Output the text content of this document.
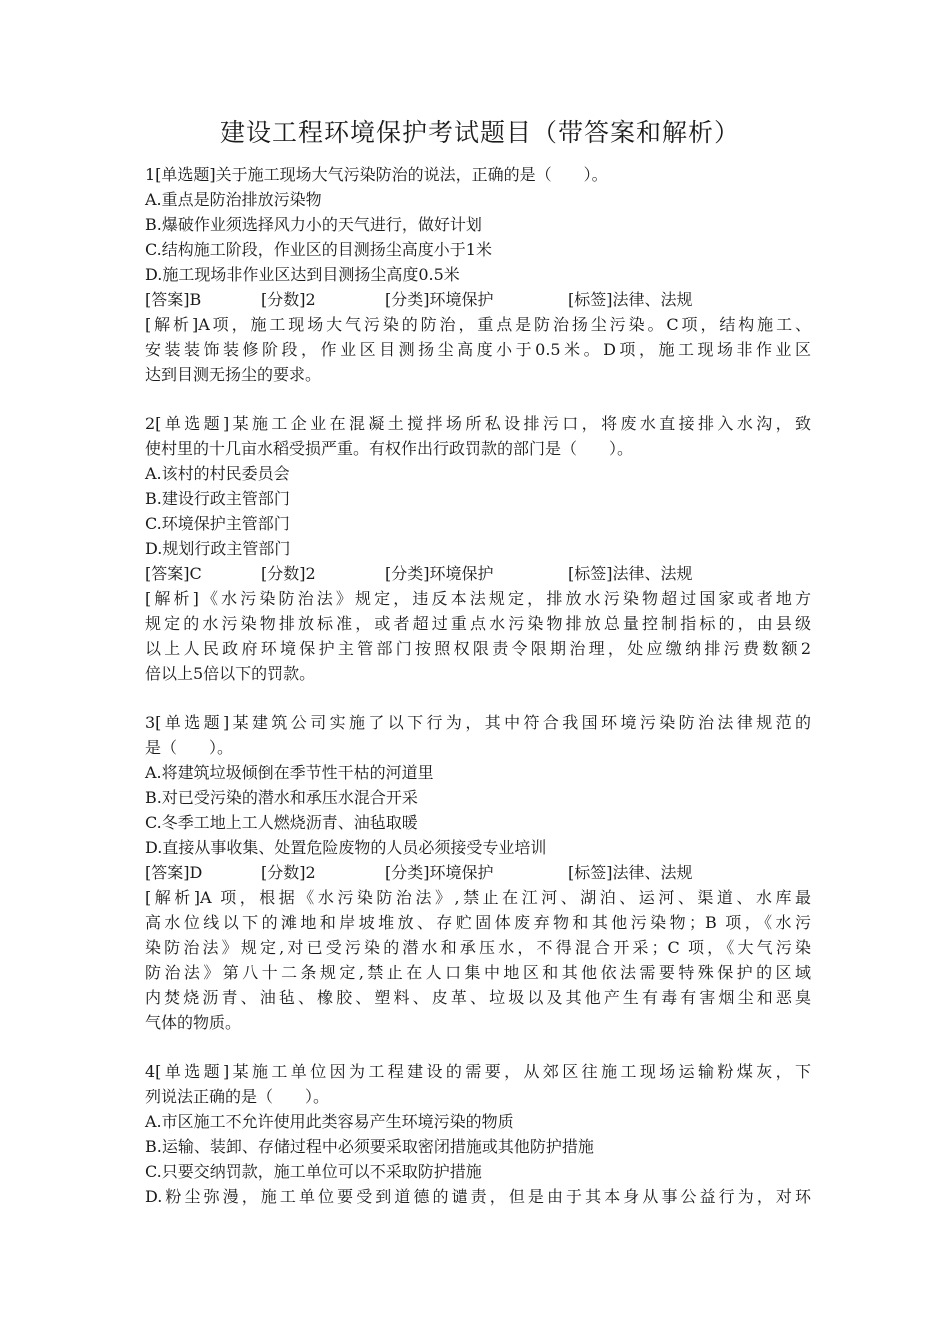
建设工程环境保护考试题目（带答案和解析）
1[单选题]关于施工现场大气污染防治的说法，正确的是（　　）。
A.重点是防治排放污染物
B.爆破作业须选择风力小的天气进行，做好计划
C.结构施工阶段，作业区的目测扬尘高度小于1米
D.施工现场非作业区达到目测扬尘高度0.5米
[答案]B	[分数]2	[分类]环境保护	[标签]法律、法规
[解析]A项，施工现场大气污染的防治，重点是防治扬尘污染。C项，结构施工、
安装装饰装修阶段，作业区目测扬尘高度小于0.5米。D项，施工现场非作业区
达到目测无扬尘的要求。
2[单选题]某施工企业在混凝土搅拌场所私设排污口，将废水直接排入水沟，致
使村里的十几亩水稻受损严重。有权作出行政罚款的部门是（　　）。
A.该村的村民委员会
B.建设行政主管部门
C.环境保护主管部门
D.规划行政主管部门
[答案]C	[分数]2	[分类]环境保护	[标签]法律、法规
[解析]《水污染防治法》规定，违反本法规定，排放水污染物超过国家或者地方
规定的水污染物排放标准，或者超过重点水污染物排放总量控制指标的，由县级
以上人民政府环境保护主管部门按照权限责令限期治理，处应缴纳排污费数额2
倍以上5倍以下的罚款。
3[单选题]某建筑公司实施了以下行为，其中符合我国环境污染防治法律规范的
是（　　）。
A.将建筑垃圾倾倒在季节性干枯的河道里
B.对已受污染的潜水和承压水混合开采
C.冬季工地上工人燃烧沥青、油毡取暖
D.直接从事收集、处置危险废物的人员必须接受专业培训
[答案]D	[分数]2	[分类]环境保护	[标签]法律、法规
[解析]A 项，根据《水污染防治法》,禁止在江河、湖泊、运河、渠道、水库最
高水位线以下的滩地和岸坡堆放、存贮固体废弃物和其他污染物；B 项，《水污
染防治法》规定,对已受污染的潜水和承压水，不得混合开采；C 项，《大气污染
防治法》第八十二条规定,禁止在人口集中地区和其他依法需要特殊保护的区域
内焚烧沥青、油毡、橡胶、塑料、皮革、垃圾以及其他产生有毒有害烟尘和恶臭
气体的物质。
4[单选题]某施工单位因为工程建设的需要，从郊区往施工现场运输粉煤灰，下
列说法正确的是（　　）。
A.市区施工不允许使用此类容易产生环境污染的物质
B.运输、装卸、存储过程中必须要采取密闭措施或其他防护措施
C.只要交纳罚款，施工单位可以不采取防护措施
D.粉尘弥漫，施工单位要受到道德的谴责，但是由于其本身从事公益行为，对环
